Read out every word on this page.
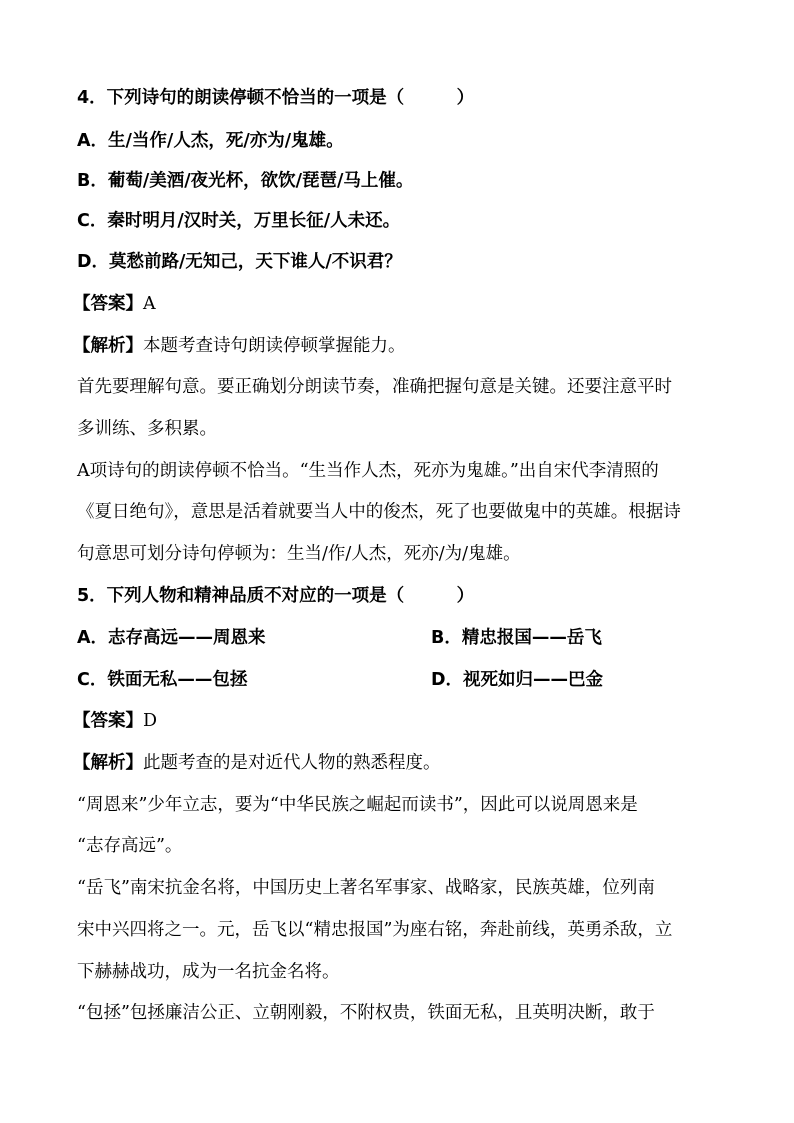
4．下列诗句的朗读停顿不恰当的一项是（　　　）
A．生/当作/人杰，死/亦为/鬼雄。
B．葡萄/美酒/夜光杯，欲饮/琵琶/马上催。
C．秦时明月/汉时关，万里长征/人未还。
D．莫愁前路/无知己，天下谁人/不识君？
【答案】A
【解析】本题考查诗句朗读停顿掌握能力。
首先要理解句意。要正确划分朗读节奏，准确把握句意是关键。还要注意平时
多训练、多积累。
A项诗句的朗读停顿不恰当。“生当作人杰，死亦为鬼雄。”出自宋代李清照的
《夏日绝句》，意思是活着就要当人中的俊杰，死了也要做鬼中的英雄。根据诗
句意思可划分诗句停顿为：生当/作/人杰，死亦/为/鬼雄。
5．下列人物和精神品质不对应的一项是（　　　）
A．志存高远——周恩来	B．精忠报国——岳飞
C．铁面无私——包拯	D．视死如归——巴金
【答案】D
【解析】此题考查的是对近代人物的熟悉程度。
“周恩来”少年立志，要为“中华民族之崛起而读书”，因此可以说周恩来是
“志存高远”。
“岳飞”南宋抗金名将，中国历史上著名军事家、战略家，民族英雄，位列南
宋中兴四将之一。元，岳飞以“精忠报国”为座右铭，奔赴前线，英勇杀敌，立
下赫赫战功，成为一名抗金名将。
“包拯”包拯廉洁公正、立朝刚毅，不附权贵，铁面无私，且英明决断，敢于
